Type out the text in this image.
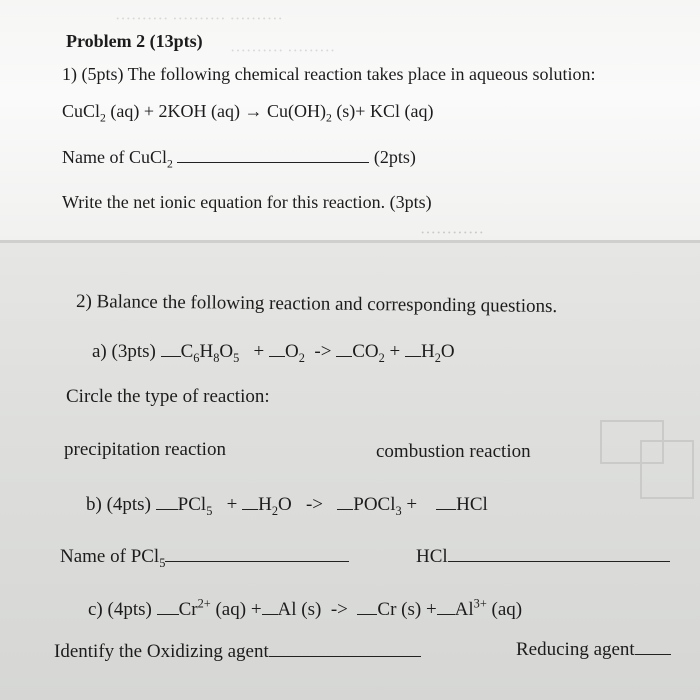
·········· ·········· ··········
·········· ·········
············
Problem 2 (13pts)
1) (5pts) The following chemical reaction takes place in aqueous solution:
CuCl$_2$ (aq) + 2KOH $(aq) \to Cu(OH)_2$ (s)+ KCl (aq)
Name of CuCl$_2$	(2pts)
Write the net ionic equation for this reaction. (3pts)
2) Balance the following reaction and corresponding questions.
a) (3pts) $C_6H_8O_5 + O_2 -> CO_2 + H_2O$
Circle the type of reaction:
precipitation reaction	combustion reaction
b) (4pts) $PCl_5 + H_2O$   ->   POCl$_3$ +    HCl
Name of PCl$_5$	HCl
c) (4pts) $Cr^{2+}$ (aq) + Al (s)  ->  Cr $(s) + Al^{3+}$ (aq)
Identify the Oxidizing agent	Reducing agent
